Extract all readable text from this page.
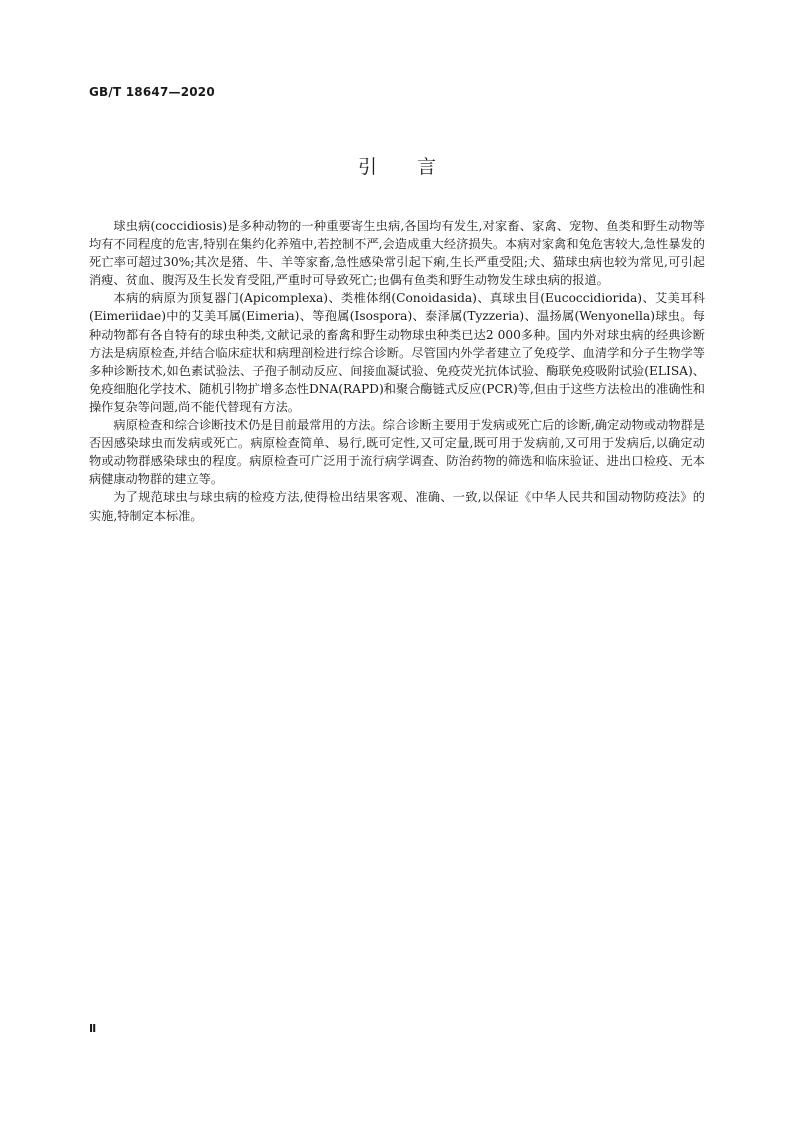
GB/T 18647—2020
引 言

球虫病(coccidiosis)是多种动物的一种重要寄生虫病,各国均有发生,对家畜、家禽、宠物、鱼类和野生动物等均有不同程度的危害,特别在集约化养殖中,若控制不严,会造成重大经济损失。本病对家禽和兔危害较大,急性暴发的死亡率可超过30%;其次是猪、牛、羊等家畜,急性感染常引起下痢,生长严重受阻;犬、猫球虫病也较为常见,可引起消瘦、贫血、腹泻及生长发育受阻,严重时可导致死亡;也偶有鱼类和野生动物发生球虫病的报道。

本病的病原为顶复器门(Apicomplexa)、类椎体纲(Conoidasida)、真球虫目(Eucoccidiorida)、艾美耳科(Eimeriidae)中的艾美耳属(Eimeria)、等孢属(Isospora)、泰泽属(Tyzzeria)、温扬属(Wenyonella)球虫。每种动物都有各自特有的球虫种类,文献记录的畜禽和野生动物球虫种类已达2 000多种。国内外对球虫病的经典诊断方法是病原检查,并结合临床症状和病理剖检进行综合诊断。尽管国内外学者建立了免疫学、血清学和分子生物学等多种诊断技术,如色素试验法、子孢子制动反应、间接血凝试验、免疫荧光抗体试验、酶联免疫吸附试验(ELISA)、免疫细胞化学技术、随机引物扩增多态性DNA(RAPD)和聚合酶链式反应(PCR)等,但由于这些方法检出的准确性和操作复杂等问题,尚不能代替现有方法。

病原检查和综合诊断技术仍是目前最常用的方法。综合诊断主要用于发病或死亡后的诊断,确定动物或动物群是否因感染球虫而发病或死亡。病原检查简单、易行,既可定性,又可定量,既可用于发病前,又可用于发病后,以确定动物或动物群感染球虫的程度。病原检查可广泛用于流行病学调查、防治药物的筛选和临床验证、进出口检疫、无本病健康动物群的建立等。

为了规范球虫与球虫病的检疫方法,使得检出结果客观、准确、一致,以保证《中华人民共和国动物防疫法》的实施,特制定本标准。

Ⅱ
